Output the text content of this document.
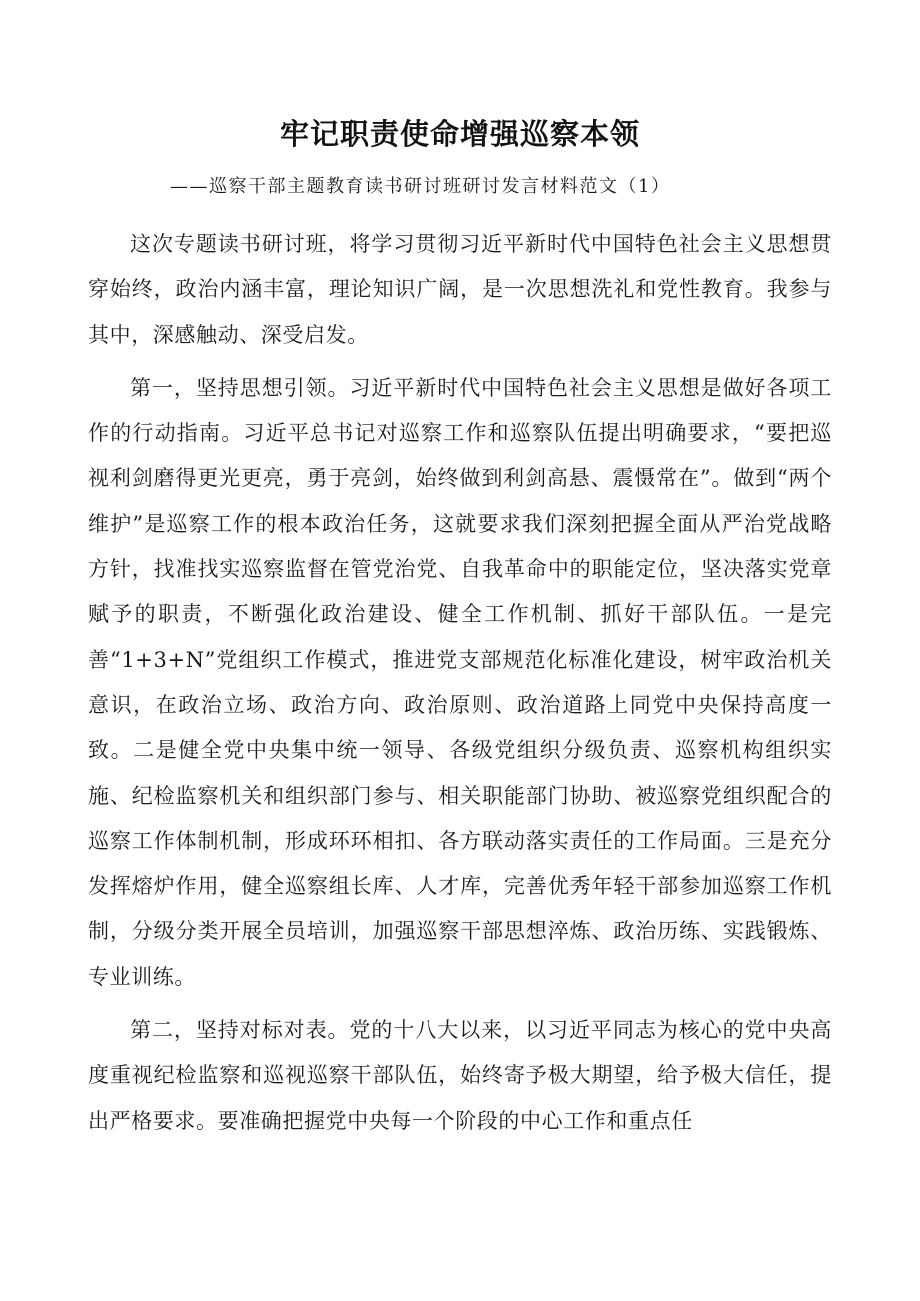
牢记职责使命增强巡察本领

——巡察干部主题教育读书研讨班研讨发言材料范文（1）

这次专题读书研讨班，将学习贯彻习近平新时代中国特色社会主义思想贯穿始终，政治内涵丰富，理论知识广阔，是一次思想洗礼和党性教育。我参与其中，深感触动、深受启发。

第一，坚持思想引领。习近平新时代中国特色社会主义思想是做好各项工作的行动指南。习近平总书记对巡察工作和巡察队伍提出明确要求，“要把巡视利剑磨得更光更亮，勇于亮剑，始终做到利剑高悬、震慑常在”。做到“两个维护”是巡察工作的根本政治任务，这就要求我们深刻把握全面从严治党战略方针，找准找实巡察监督在管党治党、自我革命中的职能定位，坚决落实党章赋予的职责，不断强化政治建设、健全工作机制、抓好干部队伍。一是完善“1+3+N”党组织工作模式，推进党支部规范化标准化建设，树牢政治机关意识，在政治立场、政治方向、政治原则、政治道路上同党中央保持高度一致。二是健全党中央集中统一领导、各级党组织分级负责、巡察机构组织实施、纪检监察机关和组织部门参与、相关职能部门协助、被巡察党组织配合的巡察工作体制机制，形成环环相扣、各方联动落实责任的工作局面。三是充分发挥熔炉作用，健全巡察组长库、人才库，完善优秀年轻干部参加巡察工作机制，分级分类开展全员培训，加强巡察干部思想淬炼、政治历练、实践锻炼、专业训练。

第二，坚持对标对表。党的十八大以来，以习近平同志为核心的党中央高度重视纪检监察和巡视巡察干部队伍，始终寄予极大期望，给予极大信任，提出严格要求。要准确把握党中央每一个阶段的中心工作和重点任
